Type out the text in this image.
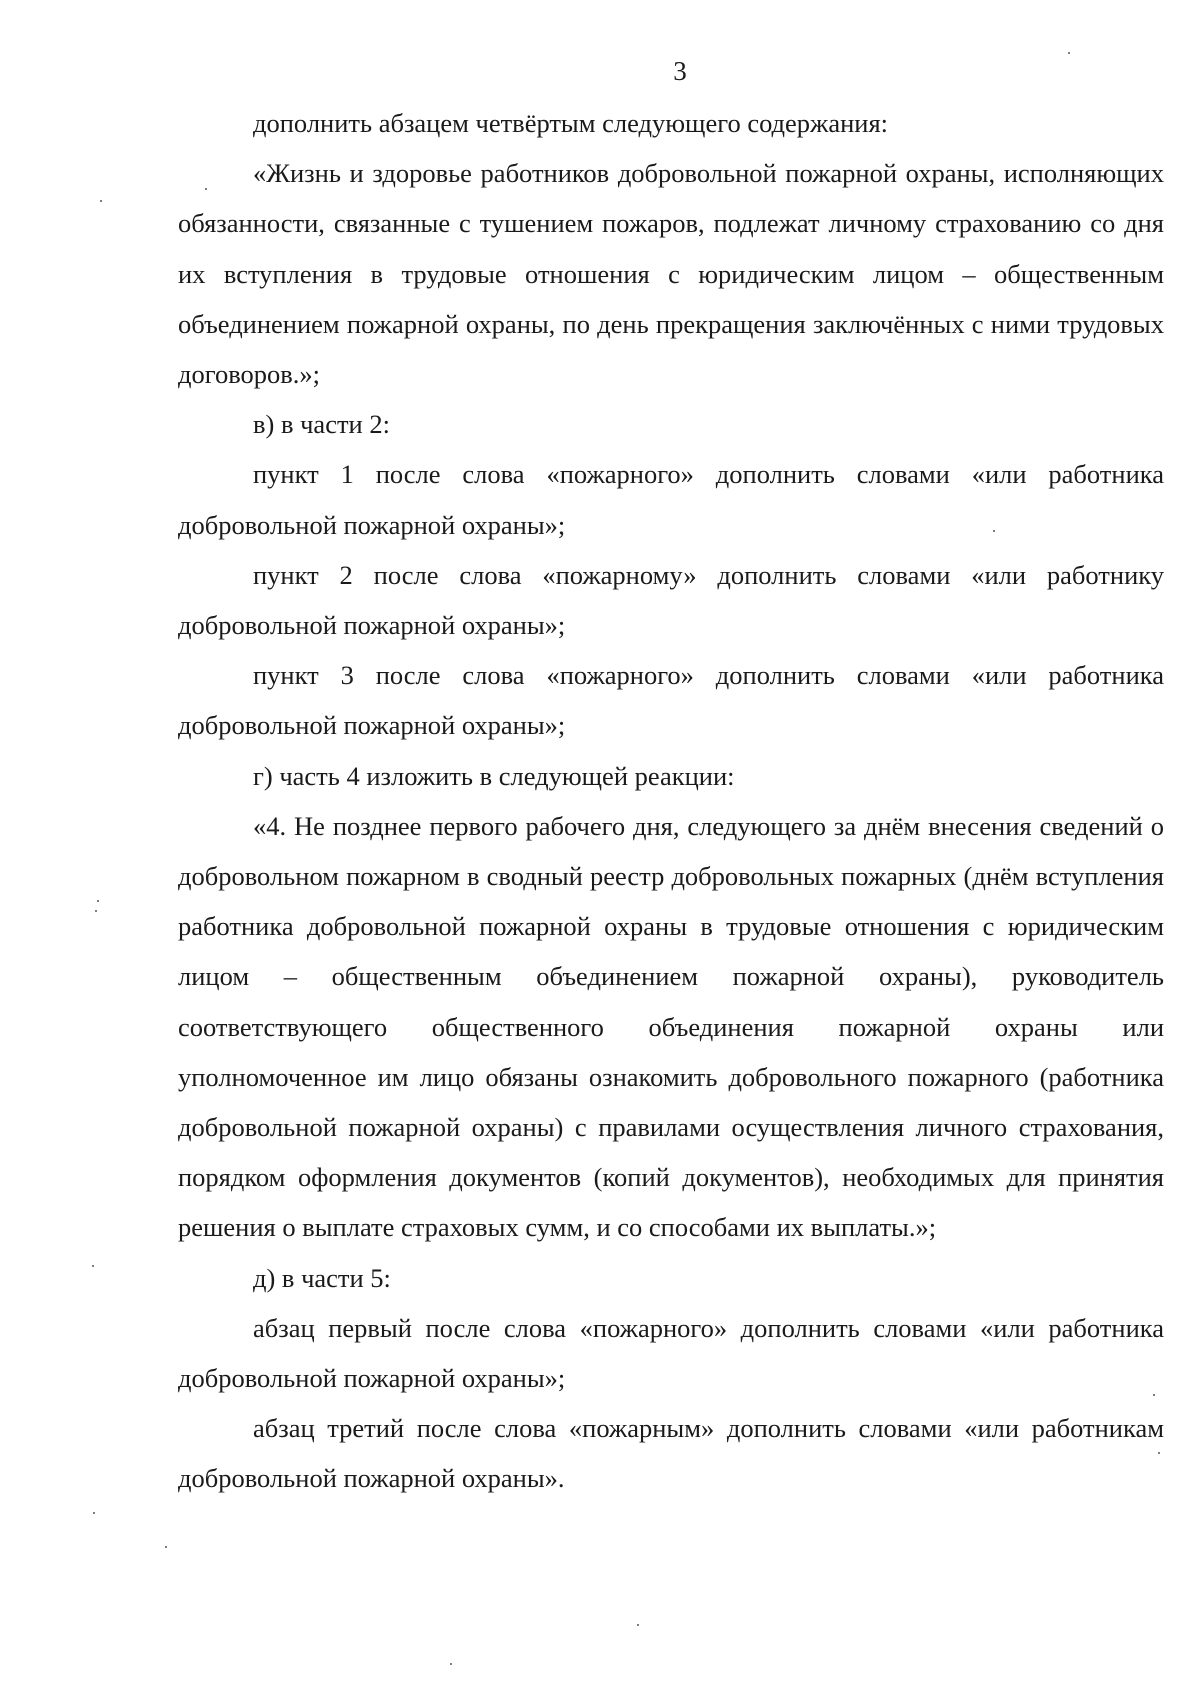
3

дополнить абзацем четвёртым следующего содержания:

«Жизнь и здоровье работников добровольной пожарной охраны, исполняющих обязанности, связанные с тушением пожаров, подлежат личному страхованию со дня их вступления в трудовые отношения с юридическим лицом – общественным объединением пожарной охраны, по день прекращения заключённых с ними трудовых договоров.»;

в) в части 2:

пункт 1 после слова «пожарного» дополнить словами «или работника добровольной пожарной охраны»;

пункт 2 после слова «пожарному» дополнить словами «или работнику добровольной пожарной охраны»;

пункт 3 после слова «пожарного» дополнить словами «или работника добровольной пожарной охраны»;

г) часть 4 изложить в следующей реакции:

«4. Не позднее первого рабочего дня, следующего за днём внесения сведений о добровольном пожарном в сводный реестр добровольных пожарных (днём вступления работника добровольной пожарной охраны в трудовые отношения с юридическим лицом – общественным объединением пожарной охраны), руководитель соответствующего общественного объединения пожарной охраны или уполномоченное им лицо обязаны ознакомить добровольного пожарного (работника добровольной пожарной охраны) с правилами осуществления личного страхования, порядком оформления документов (копий документов), необходимых для принятия решения о выплате страховых сумм, и со способами их выплаты.»;

д) в части 5:

абзац первый после слова «пожарного» дополнить словами «или работника добровольной пожарной охраны»;

абзац третий после слова «пожарным» дополнить словами «или работникам добровольной пожарной охраны».
